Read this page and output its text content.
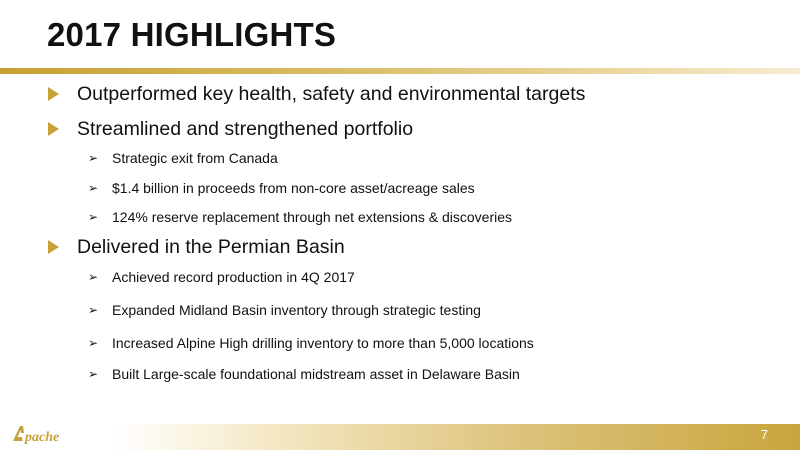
2017 HIGHLIGHTS
Outperformed key health, safety and environmental targets
Streamlined and strengthened portfolio
➢ Strategic exit from Canada
➢ $1.4 billion in proceeds from non-core asset/acreage sales
➢ 124% reserve replacement through net extensions & discoveries
Delivered in the Permian Basin
➢ Achieved record production in 4Q 2017
➢ Expanded Midland Basin inventory through strategic testing
➢ Increased Alpine High drilling inventory to more than 5,000 locations
➢ Built Large-scale foundational midstream asset in Delaware Basin
pache	7
